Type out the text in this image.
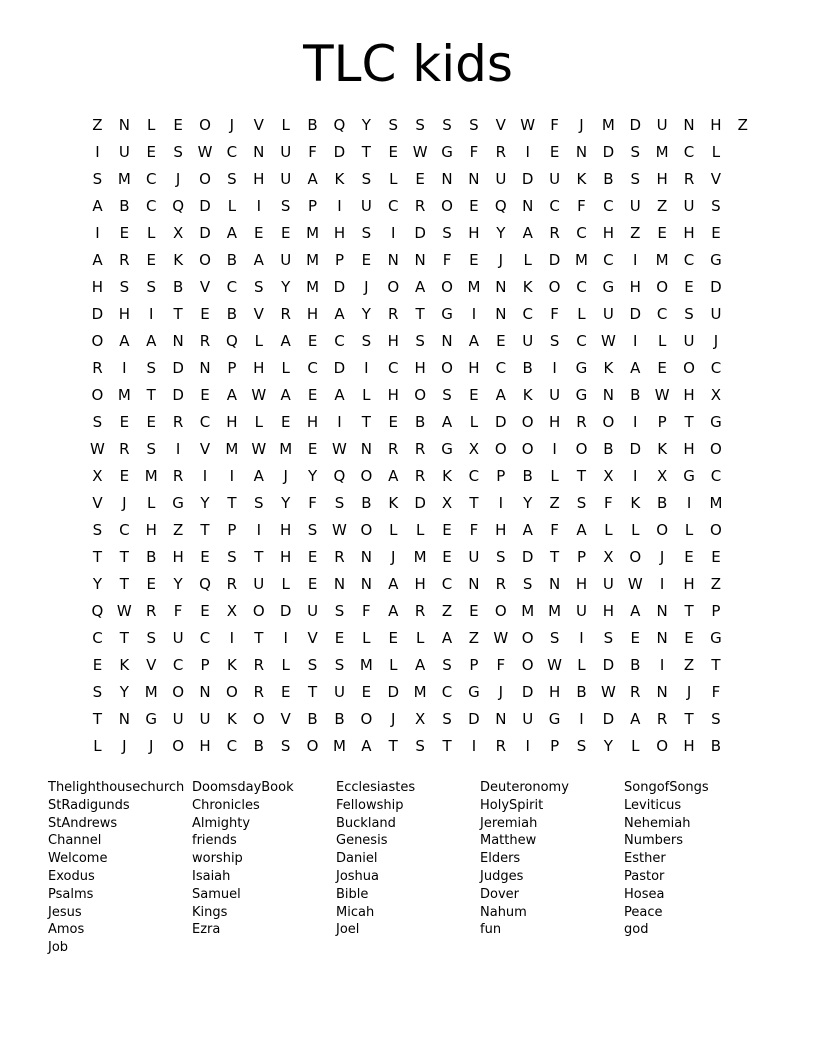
TLC kids
Z	N	L	E	O	J	V	L	B	Q	Y	S	S	S	S	V W	F	J	M D	U	N	H	Z
I	U	E	S W C	N	U	F	D	T	E W G	F	R	I	E	N	D	S	M	C	L
S	M	C	J	O	S	H	U	A	K	S	L	E	N	N	U	D	U	K	B	S	H	R	V
A	B	C	Q	D	L	I	S	P	I	U	C	R	O	E	Q	N	C	F	C	U	Z	U	S
I	E	L	X	D	A	E	E	M H	S	I	D	S	H	Y	A	R	C	H	Z	E	H	E
A	R	E	K	O	B	A	U M	P	E	N	N	F	E	J	L	D M	C	I	M	C	G
H	S	S	B	V	C	S	Y	M D	J	O	A	O M N	K	O	C	G	H	O	E	D
D	H	I	T	E	B	V	R	H	A	Y	R	T	G	I	N	C	F	L	U	D	C	S	U
O	A	A	N	R	Q	L	A	E	C	S	H	S	N	A	E	U	S	C W	I	L	U	J
R	I	S	D	N	P	H	L	C	D	I	C	H	O	H	C	B	I	G	K	A	E	O	C
O M	T	D	E	A W A	E	A	L	H	O	S	E	A	K	U	G	N	B W H	X
S	E	E	R	C	H	L	E	H	I	T	E	B	A	L	D	O	H	R	O	I	P	T	G
W R	S	I	V	M W M	E W N	R	R	G	X	O	O	I	O	B	D	K	H	O
X	E	M	R	I	I	A	J	Y	Q	O	A	R	K	C	P	B	L	T	X	I	X	G	C
V	J	L	G	Y	T	S	Y	F	S	B	K	D	X	T	I	Y	Z	S	F	K	B	I	M
S	C	H	Z	T	P	I	H	S W O	L	L	E	F	H	A	F	A	L	L	O	L	O
T	T	B	H	E	S	T	H	E	R	N	J	M	E	U	S	D	T	P	X	O	J	E	E
Y	T	E	Y	Q	R	U	L	E	N	N	A	H	C	N	R	S	N	H	U W	I	H	Z
Q W R	F	E	X	O	D	U	S	F	A	R	Z	E	O M M U	H	A	N	T	P
C	T	S	U	C	I	T	I	V	E	L	E	L	A	Z W O	S	I	S	E	N	E	G
E	K	V	C	P	K	R	L	S	S	M	L	A	S	P	F	O W	L	D	B	I	Z	T
S	Y	M O	N	O	R	E	T	U	E	D M	C	G	J	D	H	B W R	N	J	F
T	N	G	U	U	K	O	V	B	B	O	J	X	S	D	N	U	G	I	D	A	R	T	S
L	J	J	O	H	C	B	S	O M	A	T	S	T	I	R	I	P	S	Y	L	O	H	B
Thelighthousechurch
StRadigunds
StAndrews
Channel
Welcome
Exodus
Psalms
Jesus
Amos
Job
DoomsdayBook
Chronicles
Almighty
friends
worship
Isaiah
Samuel
Kings
Ezra
Ecclesiastes
Fellowship
Buckland
Genesis
Daniel
Joshua
Bible
Micah
Joel
Deuteronomy
HolySpirit
Jeremiah
Matthew
Elders
Judges
Dover
Nahum
fun
SongofSongs
Leviticus
Nehemiah
Numbers
Esther
Pastor
Hosea
Peace
god
